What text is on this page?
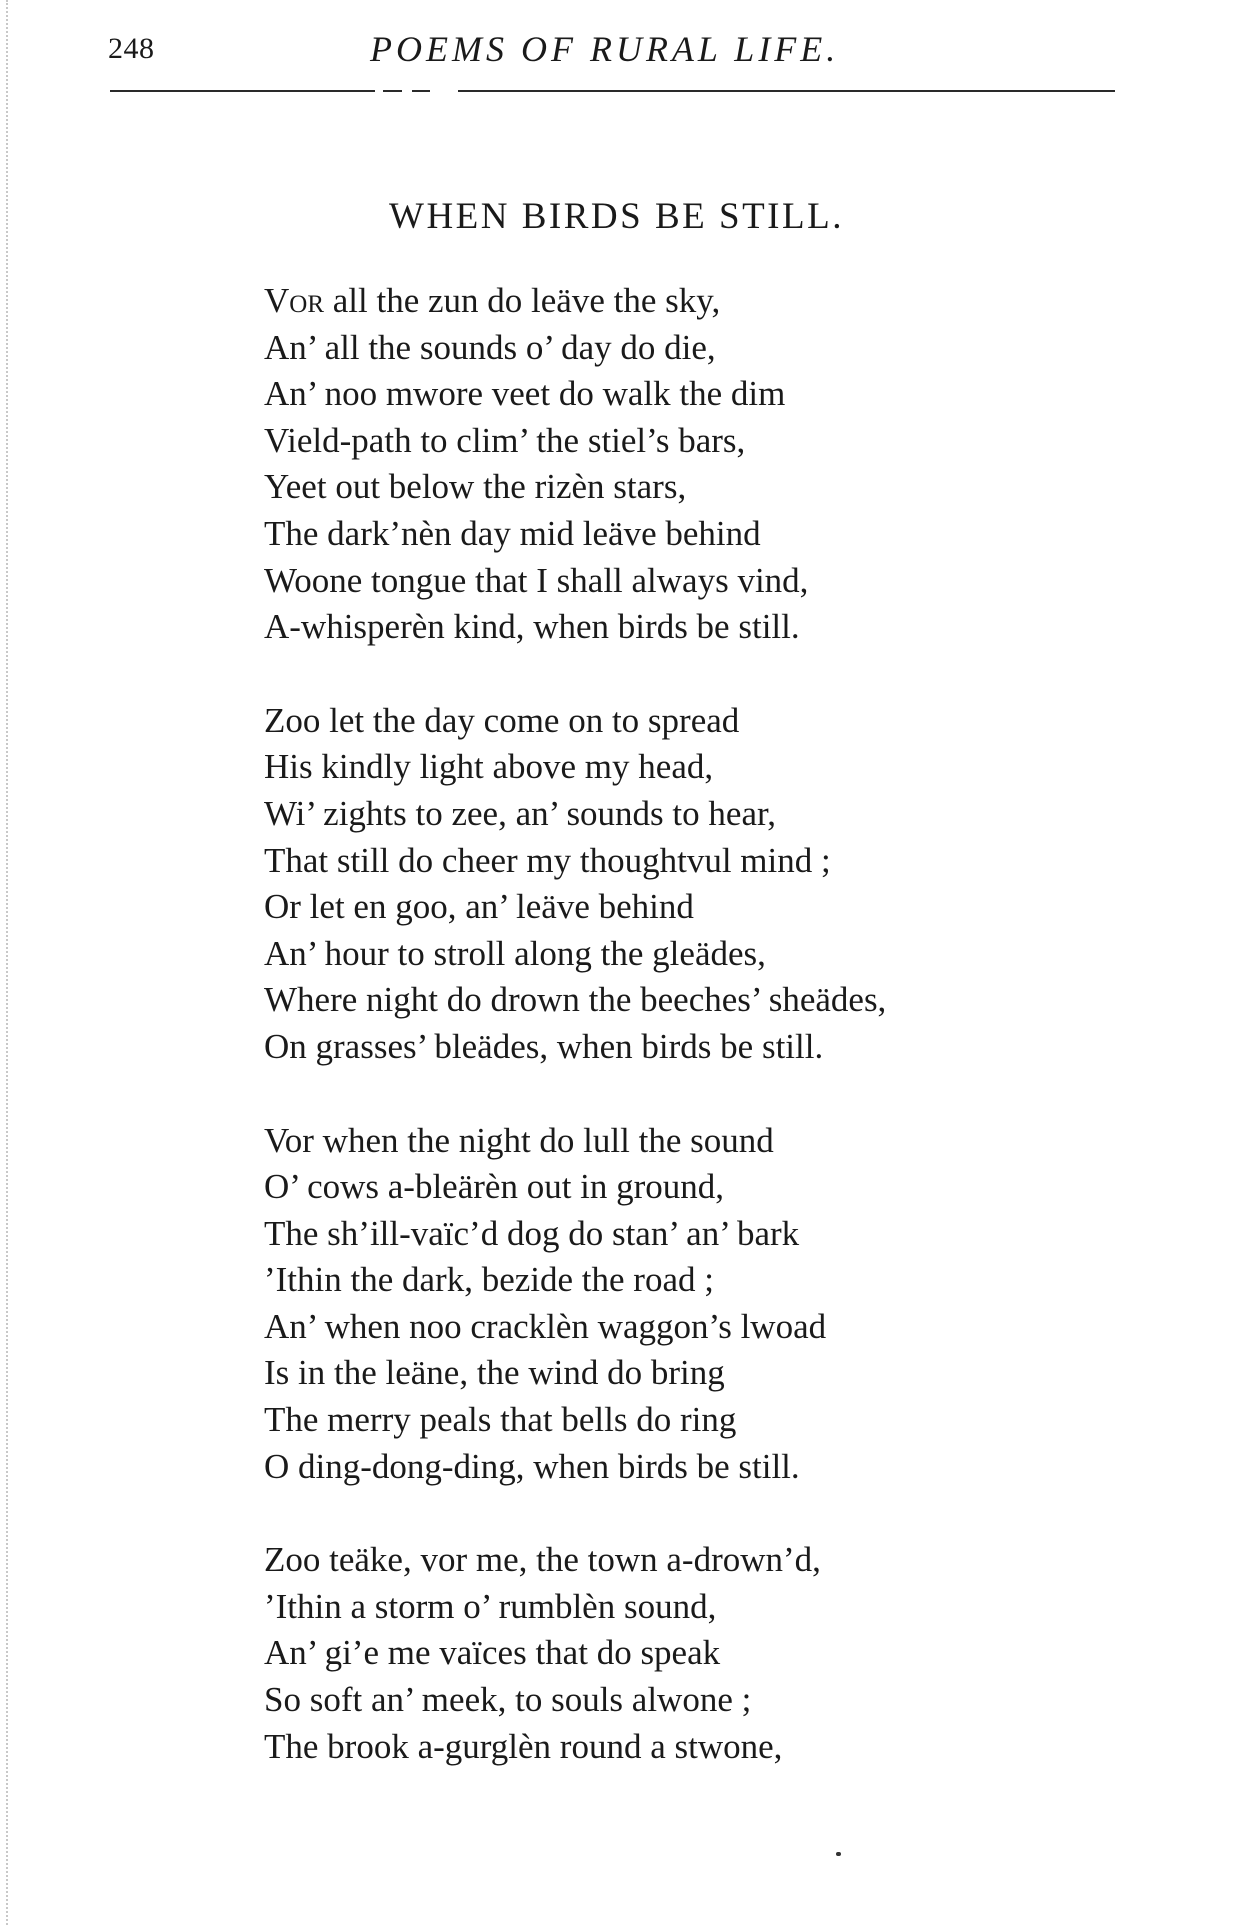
248	POEMS OF RURAL LIFE.
WHEN BIRDS BE STILL.
Vor all the zun do leäve the sky,
An’ all the sounds o’ day do die,
An’ noo mwore veet do walk the dim
Vield-path to clim’ the stiel’s bars,
Yeet out below the rizèn stars,
The dark’nèn day mid leäve behind
Woone tongue that I shall always vind,
A-whisperèn kind, when birds be still.
Zoo let the day come on to spread
His kindly light above my head,
Wi’ zights to zee, an’ sounds to hear,
That still do cheer my thoughtvul mind ;
Or let en goo, an’ leäve behind
An’ hour to stroll along the gleädes,
Where night do drown the beeches’ sheädes,
On grasses’ bleädes, when birds be still.
Vor when the night do lull the sound
O’ cows a-bleärèn out in ground,
The sh’ill-vaïc’d dog do stan’ an’ bark
’Ithin the dark, bezide the road ;
An’ when noo cracklèn waggon’s lwoad
Is in the leäne, the wind do bring
The merry peals that bells do ring
O ding-dong-ding, when birds be still.
Zoo teäke, vor me, the town a-drown’d,
’Ithin a storm o’ rumblèn sound,
An’ gi’e me vaïces that do speak
So soft an’ meek, to souls alwone ;
The brook a-gurglèn round a stwone,
